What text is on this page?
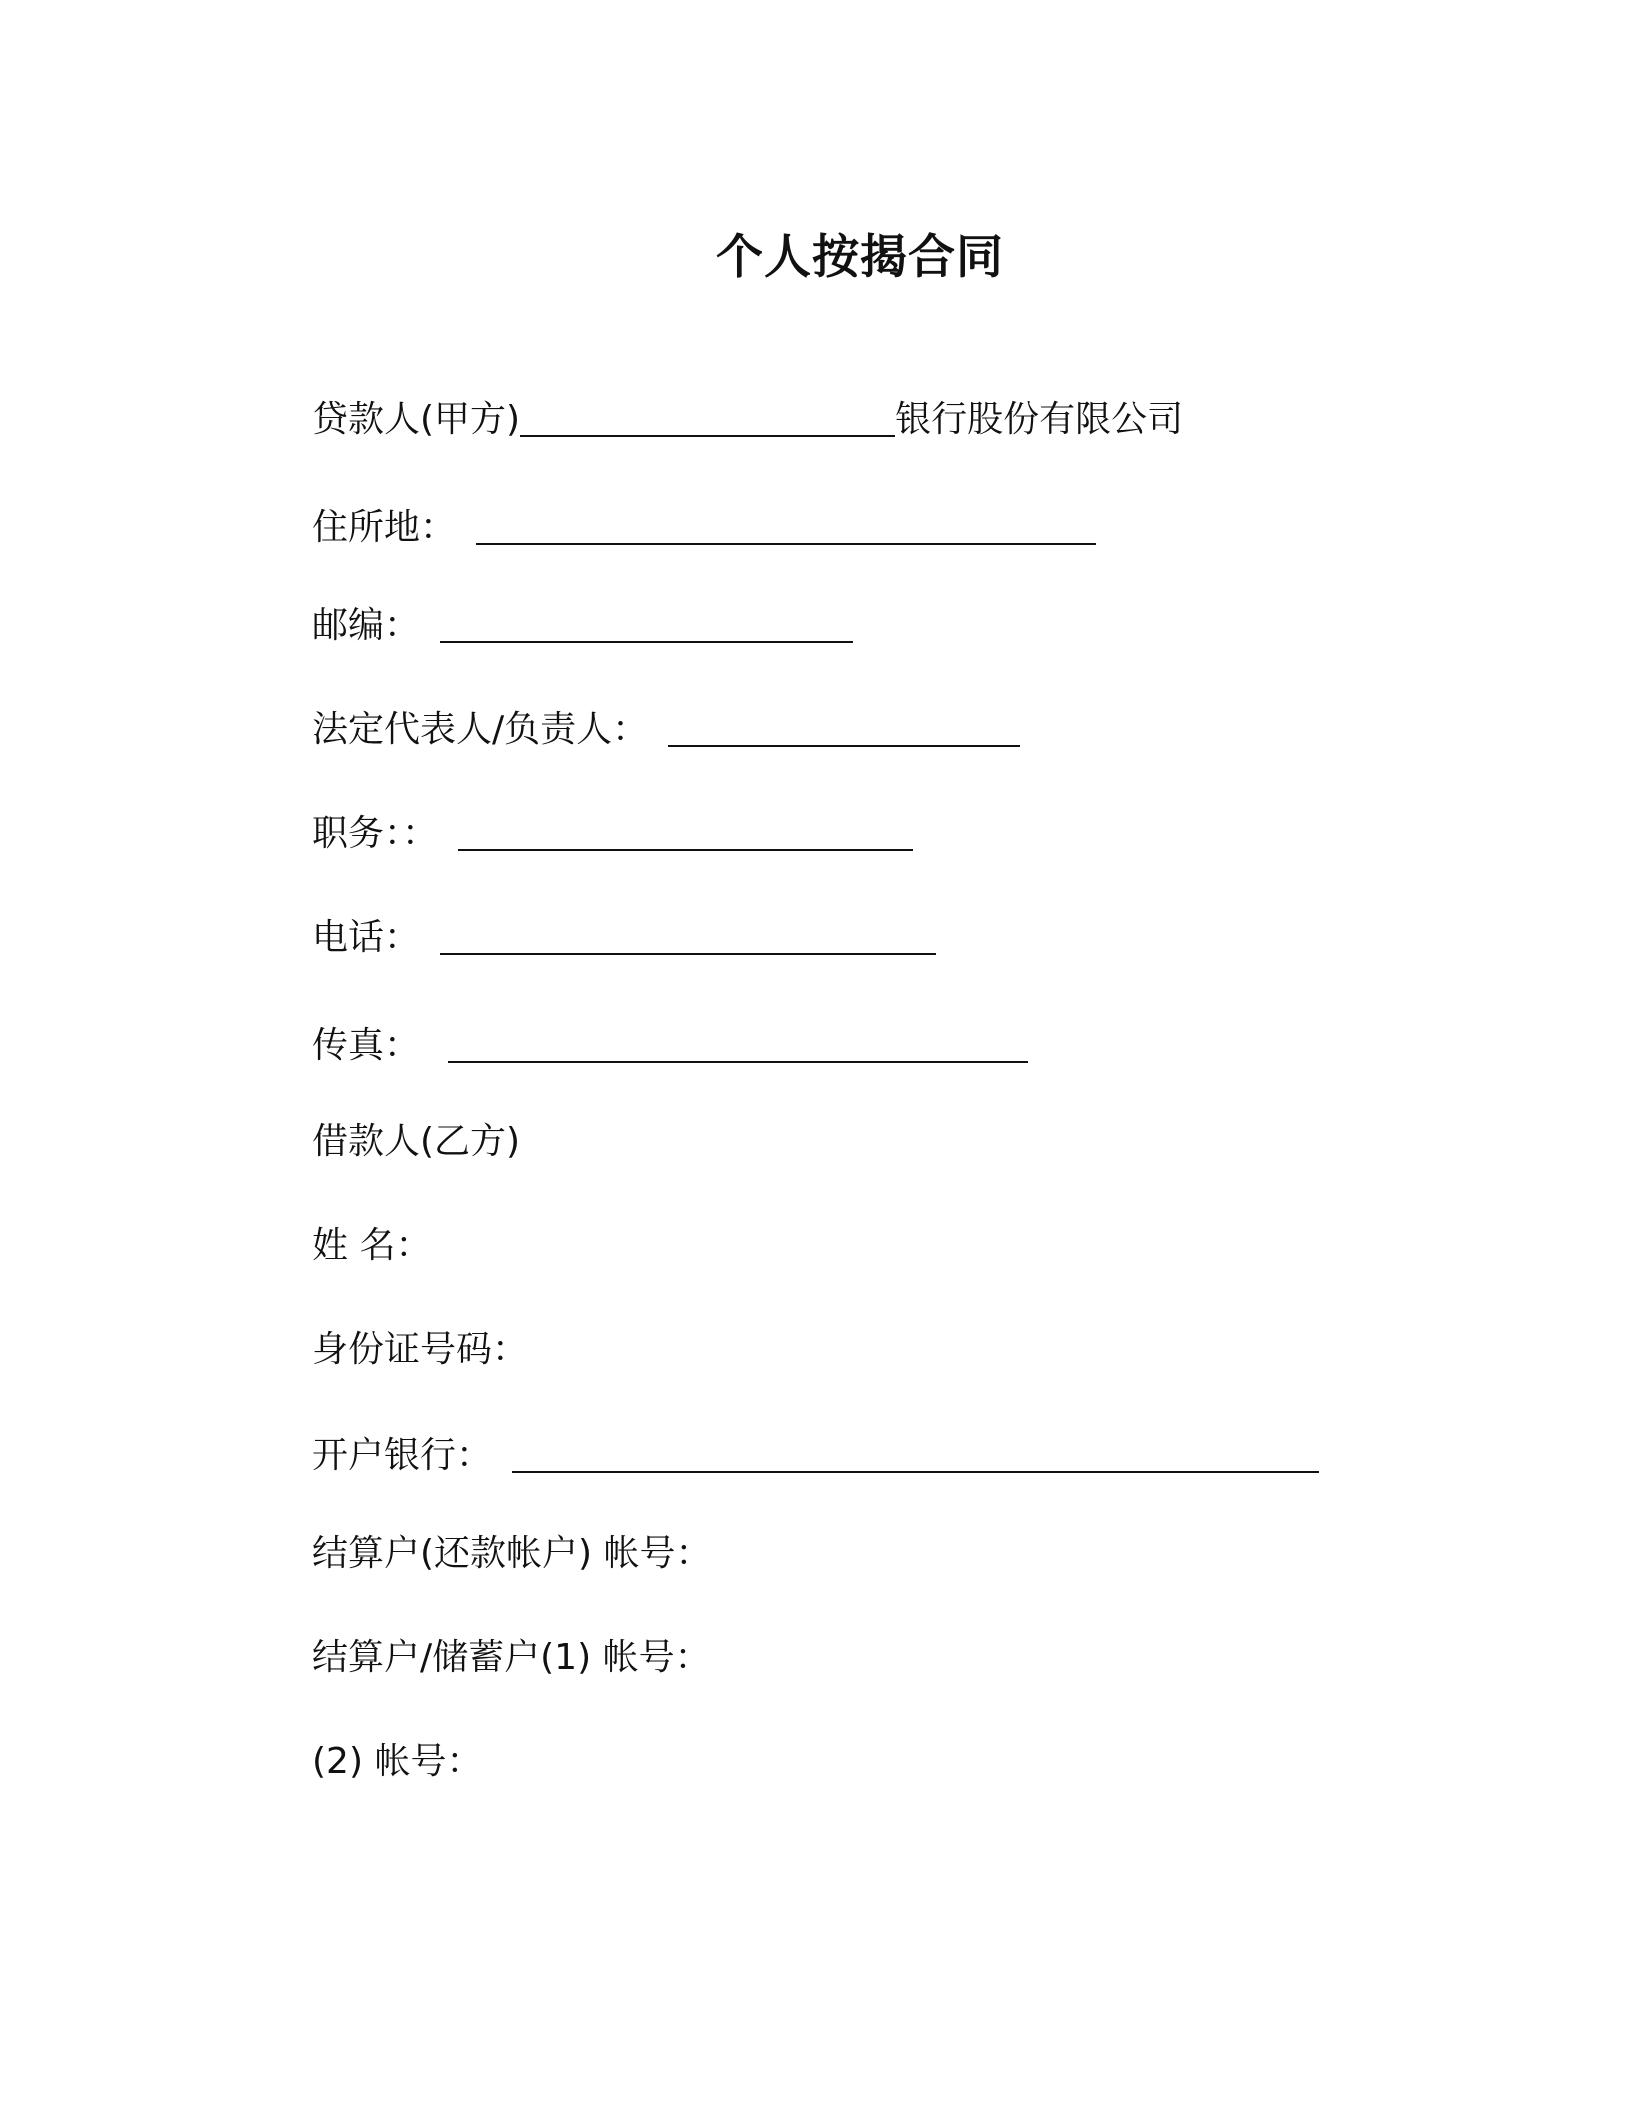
个人按揭合同
贷款人(甲方)	银行股份有限公司
住所地：
邮编：
法定代表人/负责人：
职务：：
电话：
传真：
借款人(乙方)
姓 名：
身份证号码：
开户银行：
结算户(还款帐户) 帐号：
结算户/储蓄户(1) 帐号：
(2) 帐号：
